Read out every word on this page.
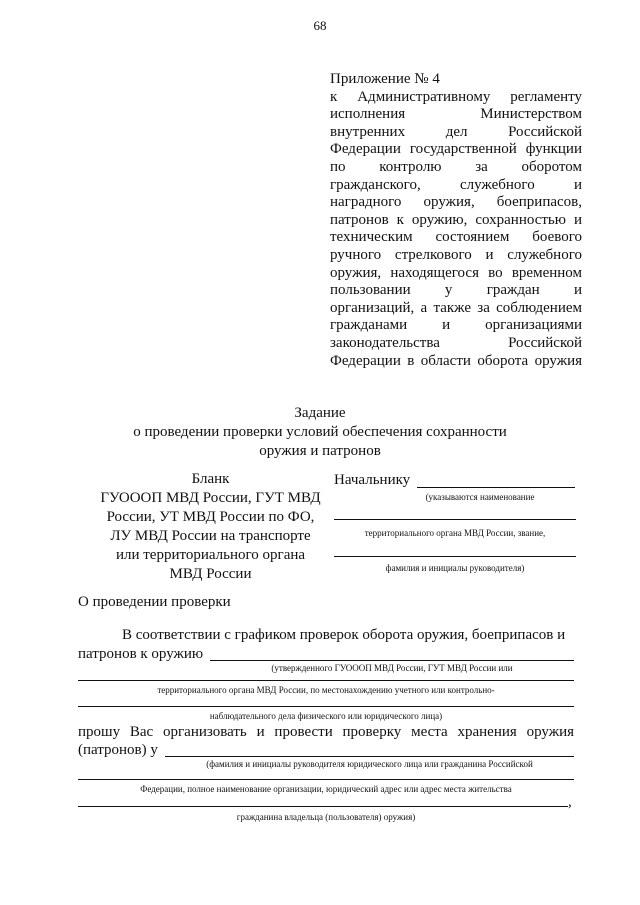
68
Приложение № 4
к Административному регламенту
исполнения Министерством
внутренних дел Российской
Федерации государственной функции
по контролю за оборотом
гражданского, служебного и
наградного оружия, боеприпасов,
патронов к оружию, сохранностью и
техническим состоянием боевого
ручного стрелкового и служебного
оружия, находящегося во временном
пользовании у граждан и
организаций, а также за соблюдением
гражданами и организациями
законодательства Российской
Федерации в области оборота оружия
Задание
о проведении проверки условий обеспечения сохранности
оружия и патронов
Бланк
ГУОООП МВД России, ГУТ МВД
России, УТ МВД России по ФО,
ЛУ МВД России на транспорте
или территориального органа
МВД России
Начальнику
(указываются наименование
территориального органа МВД России, звание,
фамилия и инициалы руководителя)
О проведении проверки
В соответствии с графиком проверок оборота оружия, боеприпасов и
патронов к оружию
(утвержденного ГУОООП МВД России, ГУТ МВД России или
территориального органа МВД России, по местонахождению учетного или контрольно-
наблюдательного дела физического или юридического лица)
прошу Вас организовать и провести проверку места хранения оружия
(патронов) у
(фамилия и инициалы руководителя юридического лица или гражданина Российской
Федерации, полное наименование организации, юридический адрес или адрес места жительства
,
гражданина владельца (пользователя) оружия)
